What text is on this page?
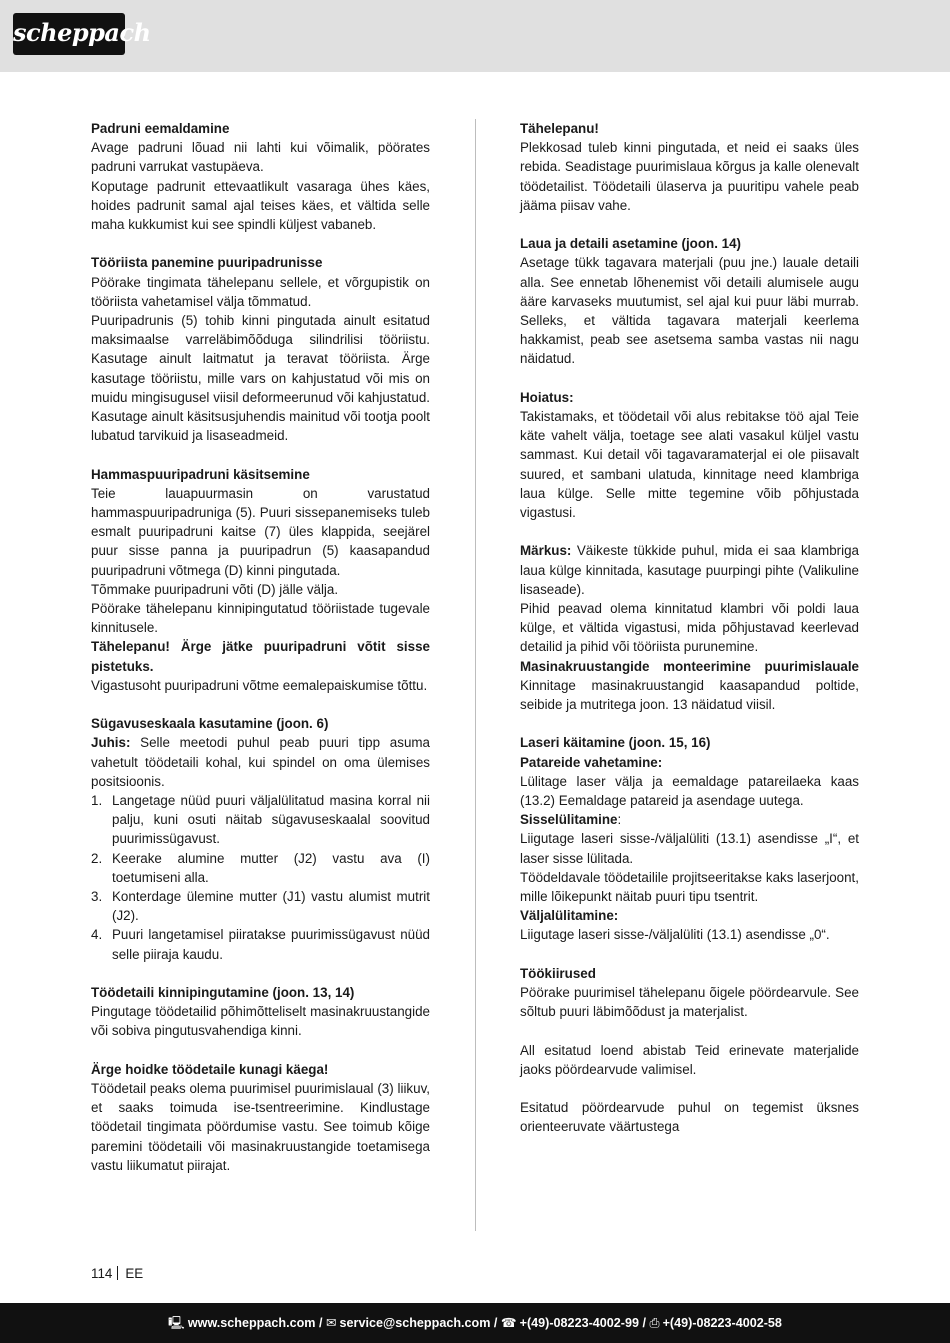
scheppach

Padruni eemaldamine

Avage padruni lõuad nii lahti kui võimalik, pöörates padruni varrukat vastupäeva.

Koputage padrunit ettevaatlikult vasaraga ühes käes, hoides padrunit samal ajal teises käes, et vältida selle maha kukkumist kui see spindli küljest vabaneb.

Tööriista panemine puuripadrunisse

Pöörake tingimata tähelepanu sellele, et võrgupistik on tööriista vahetamisel välja tõmmatud.

Puuripadrunis (5) tohib kinni pingutada ainult esitatud maksimaalse varreläbimõõduga silindrilisi tööriistu. Kasutage ainult laitmatut ja teravat tööriista. Ärge kasutage tööriistu, mille vars on kahjustatud või mis on muidu mingisugusel viisil deformeerunud või kahjustatud. Kasutage ainult käsitsusjuhendis mainitud või tootja poolt lubatud tarvikuid ja lisaseadmeid.

Hammaspuuripadruni käsitsemine

Teie lauapuurmasin on varustatud hammaspuuripadruniga (5). Puuri sissepanemiseks tuleb esmalt puuripadruni kaitse (7) üles klappida, seejärel puur sisse panna ja puuripadrun (5) kaasapandud puuripadruni võtmega (D) kinni pingutada.

Tõmmake puuripadruni võti (D) jälle välja.

Pöörake tähelepanu kinnipingutatud tööriistade tugevale kinnitusele.

Tähelepanu! Ärge jätke puuripadruni võtit sisse pistetuks.

Vigastusoht puuripadruni võtme eemalepaiskumise tõttu.

Sügavuseskaala kasutamine (joon. 6)

Juhis: Selle meetodi puhul peab puuri tipp asuma vahetult töödetaili kohal, kui spindel on oma ülemises positsioonis.

1. Langetage nüüd puuri väljalülitatud masina korral nii palju, kuni osuti näitab sügavuseskaalal soovitud puurimissügavust.
2. Keerake alumine mutter (J2) vastu ava (I) toetumiseni alla.
3. Konterdage ülemine mutter (J1) vastu alumist mutrit (J2).
4. Puuri langetamisel piiratakse puurimissügavust nüüd selle piiraja kaudu.

Töödetaili kinnipingutamine (joon. 13, 14)

Pingutage töödetailid põhimõtteliselt masinakruustangide või sobiva pingutusvahendiga kinni.

Ärge hoidke töödetaile kunagi käega!

Töödetail peaks olema puurimisel puurimislaual (3) liikuv, et saaks toimuda ise-tsentreerimine. Kindlustage töödetail tingimata pöördumise vastu. See toimub kõige paremini töödetaili või masinakruustangide toetamisega vastu liikumatut piirajat.

Tähelepanu!

Plekkosad tuleb kinni pingutada, et neid ei saaks üles rebida. Seadistage puurimislaua kõrgus ja kalle olenevalt töödetailist. Töödetaili ülaserva ja puuritipu vahele peab jääma piisav vahe.

Laua ja detaili asetamine (joon. 14)

Asetage tükk tagavara materjali (puu jne.) lauale detaili alla. See ennetab lõhenemist või detaili alumisele augu ääre karvaseks muutumist, sel ajal kui puur läbi murrab. Selleks, et vältida tagavara materjali keerlema hakkamist, peab see asetsema samba vastas nii nagu näidatud.

Hoiatus:

Takistamaks, et töödetail või alus rebitakse töö ajal Teie käte vahelt välja, toetage see alati vasakul küljel vastu sammast. Kui detail või tagavaramaterjal ei ole piisavalt suured, et sambani ulatuda, kinnitage need klambriga laua külge. Selle mitte tegemine võib põhjustada vigastusi.

Märkus: Väikeste tükkide puhul, mida ei saa klambriga laua külge kinnitada, kasutage puurpingi pihte (Valikuline lisaseade).

Pihid peavad olema kinnitatud klambri või poldi laua külge, et vältida vigastusi, mida põhjustavad keerlevad detailid ja pihid või tööriista purunemine.

Masinakruustangide monteerimine puurimislauale

Kinnitage masinakruustangid kaasapandud poltide, seibide ja mutritega joon. 13 näidatud viisil.

Laseri käitamine (joon. 15, 16)

Patareide vahetamine:

Lülitage laser välja ja eemaldage patareilaeka kaas (13.2) Eemaldage patareid ja asendage uutega.

Sisselülitamine:

Liigutage laseri sisse-/väljalüliti (13.1) asendisse „I“, et laser sisse lülitada.

Töödeldavale töödetailile projitseeritakse kaks laserjoont, mille lõikepunkt näitab puuri tipu tsentrit.

Väljalülitamine:

Liigutage laseri sisse-/väljalüliti (13.1) asendisse „0“.

Töökiirused

Pöörake puurimisel tähelepanu õigele pöördearvule. See sõltub puuri läbimõõdust ja materjalist.

All esitatud loend abistab Teid erinevate materjalide jaoks pöördearvude valimisel.

Esitatud pöördearvude puhul on tegemist üksnes orienteeruvate väärtustega

114 EE
🖳 www.scheppach.com / ✉ service@scheppach.com / ☎ +(49)-08223-4002-99 / ⎙ +(49)-08223-4002-58
